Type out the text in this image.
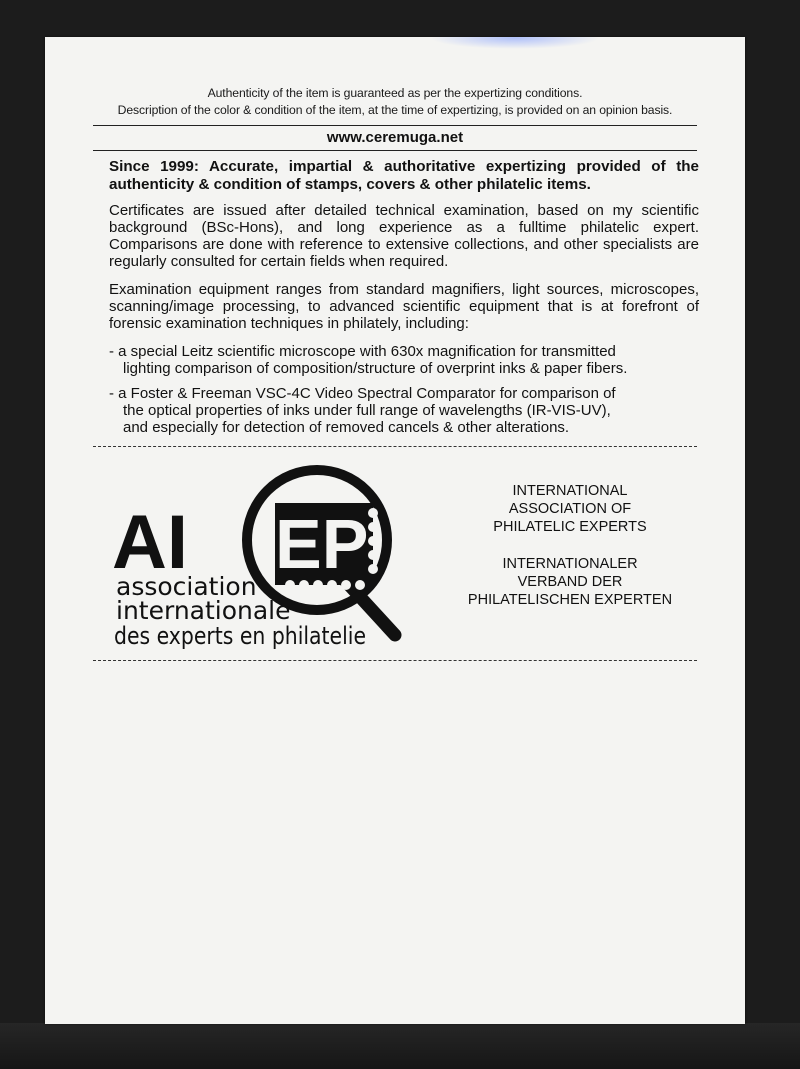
Authenticity of the item is guaranteed as per the expertizing conditions.
Description of the color & condition of the item, at the time of expertizing, is provided on an opinion basis.
www.ceremuga.net
Since 1999: Accurate, impartial & authoritative expertizing provided of the authenticity & condition of stamps, covers & other philatelic items.
Certificates are issued after detailed technical examination, based on my scientific background (BSc-Hons), and long experience as a fulltime philatelic expert. Comparisons are done with reference to extensive collections, and other specialists are regularly consulted for certain fields when required.
Examination equipment ranges from standard magnifiers, light sources, microscopes, scanning/image processing, to advanced scientific equipment that is at forefront of forensic examination techniques in philately, including:
- a special Leitz scientific microscope with 630x magnification for transmitted
lighting comparison of composition/structure of overprint inks & paper fibers.
- a Foster & Freeman VSC-4C Video Spectral Comparator for comparison of
the optical properties of inks under full range of wavelengths (IR-VIS-UV),
and especially for detection of removed cancels & other alterations.
AI EP
association
internationale
des experts en philatelie
INTERNATIONAL
ASSOCIATION OF
PHILATELIC EXPERTS
INTERNATIONALER
VERBAND DER
PHILATELISCHEN EXPERTEN
